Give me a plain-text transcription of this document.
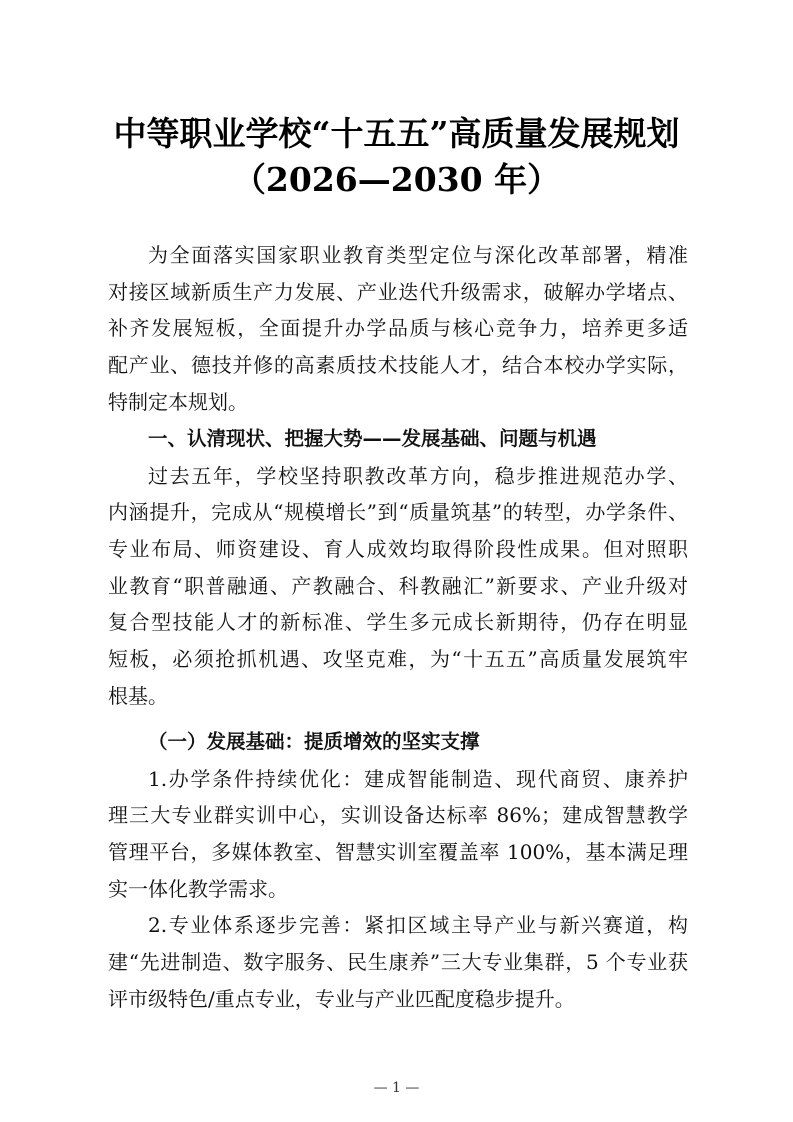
中等职业学校“十五五”高质量发展规划
（2026—2030 年）
为全面落实国家职业教育类型定位与深化改革部署，精准
对接区域新质生产力发展、产业迭代升级需求，破解办学堵点、
补齐发展短板，全面提升办学品质与核心竞争力，培养更多适
配产业、德技并修的高素质技术技能人才，结合本校办学实际，
特制定本规划。
一、认清现状、把握大势——发展基础、问题与机遇
过去五年，学校坚持职教改革方向，稳步推进规范办学、
内涵提升，完成从“规模增长”到“质量筑基”的转型，办学条件、
专业布局、师资建设、育人成效均取得阶段性成果。但对照职
业教育“职普融通、产教融合、科教融汇”新要求、产业升级对
复合型技能人才的新标准、学生多元成长新期待，仍存在明显
短板，必须抢抓机遇、攻坚克难，为“十五五”高质量发展筑牢
根基。
（一）发展基础：提质增效的坚实支撑
1.办学条件持续优化：建成智能制造、现代商贸、康养护
理三大专业群实训中心，实训设备达标率 86%；建成智慧教学
管理平台，多媒体教室、智慧实训室覆盖率 100%，基本满足理
实一体化教学需求。
2.专业体系逐步完善：紧扣区域主导产业与新兴赛道，构
建“先进制造、数字服务、民生康养”三大专业集群，5 个专业获
评市级特色/重点专业，专业与产业匹配度稳步提升。
— 1 —
